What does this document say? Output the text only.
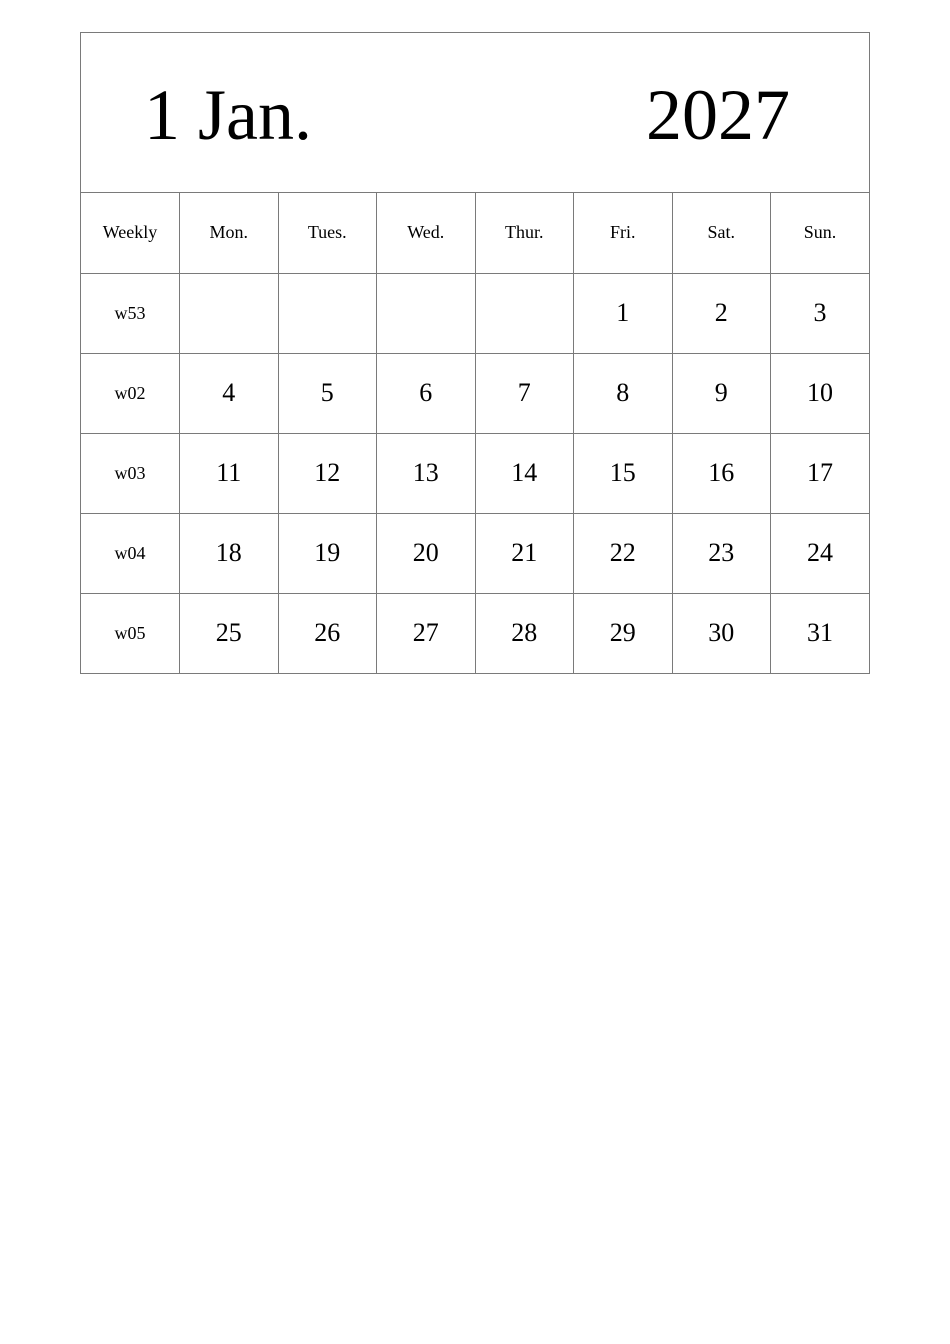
1 Jan.	2027
Weekly	Mon.	Tues.	Wed.	Thur.	Fri.	Sat.	Sun.
w53					1	2	3
w02	4	5	6	7	8	9	10
w03	11	12	13	14	15	16	17
w04	18	19	20	21	22	23	24
w05	25	26	27	28	29	30	31
